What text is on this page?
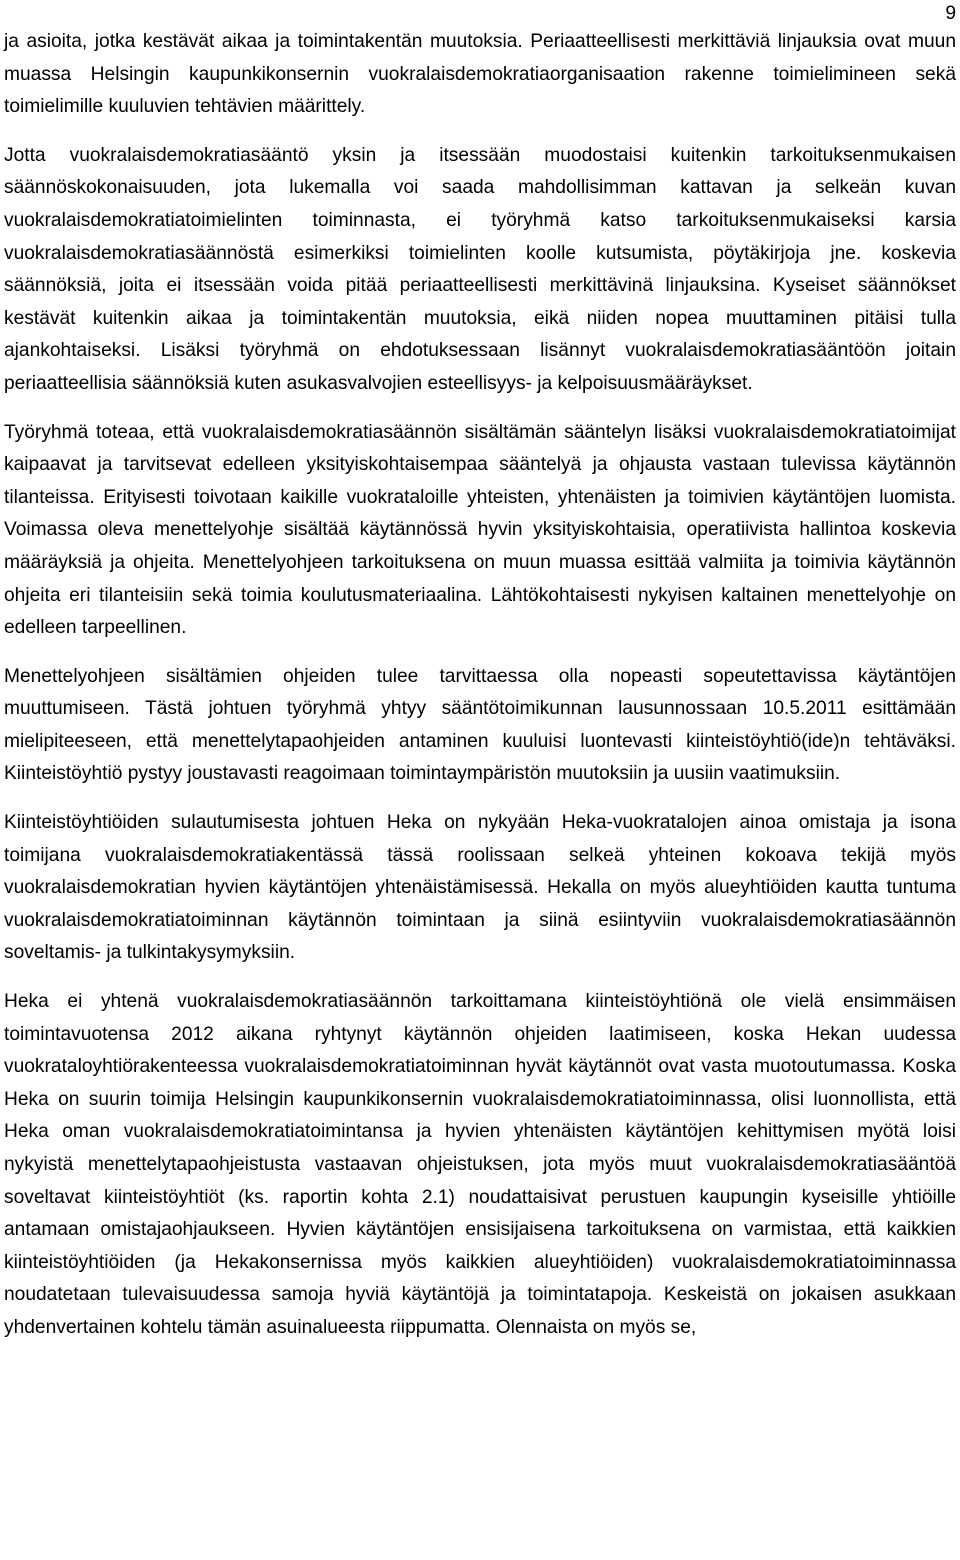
9

ja asioita, jotka kestävät aikaa ja toimintakentän muutoksia. Periaatteellisesti merkittäviä linjauksia ovat muun muassa Helsingin kaupunkikonsernin vuokralaisdemokratiaorganisaation rakenne toimielimineen sekä toimielimille kuuluvien tehtävien määrittely.

Jotta vuokralaisdemokratiasääntö yksin ja itsessään muodostaisi kuitenkin tarkoituksenmukaisen säännöskokonaisuuden, jota lukemalla voi saada mahdollisimman kattavan ja selkeän kuvan vuokralaisdemokratiatoimielinten toiminnasta, ei työryhmä katso tarkoituksenmukaiseksi karsia vuokralaisdemokratiasäännöstä esimerkiksi toimielinten koolle kutsumista, pöytäkirjoja jne. koskevia säännöksiä, joita ei itsessään voida pitää periaatteellisesti merkittävinä linjauksina. Kyseiset säännökset kestävät kuitenkin aikaa ja toimintakentän muutoksia, eikä niiden nopea muuttaminen pitäisi tulla ajankohtaiseksi. Lisäksi työryhmä on ehdotuksessaan lisännyt vuokralaisdemokratiasääntöön joitain periaatteellisia säännöksiä kuten asukasvalvojien esteellisyys- ja kelpoisuusmääräykset.

Työryhmä toteaa, että vuokralaisdemokratiasäännön sisältämän sääntelyn lisäksi vuokralaisdemokratiatoimijat kaipaavat ja tarvitsevat edelleen yksityiskohtaisempaa sääntelyä ja ohjausta vastaan tulevissa käytännön tilanteissa. Erityisesti toivotaan kaikille vuokrataloille yhteisten, yhtenäisten ja toimivien käytäntöjen luomista. Voimassa oleva menettelyohje sisältää käytännössä hyvin yksityiskohtaisia, operatiivista hallintoa koskevia määräyksiä ja ohjeita. Menettelyohjeen tarkoituksena on muun muassa esittää valmiita ja toimivia käytännön ohjeita eri tilanteisiin sekä toimia koulutusmateriaalina. Lähtökohtaisesti nykyisen kaltainen menettelyohje on edelleen tarpeellinen.

Menettelyohjeen sisältämien ohjeiden tulee tarvittaessa olla nopeasti sopeutettavissa käytäntöjen muuttumiseen. Tästä johtuen työryhmä yhtyy sääntötoimikunnan lausunnossaan 10.5.2011 esittämään mielipiteeseen, että menettelytapaohjeiden antaminen kuuluisi luontevasti kiinteistöyhtiö(ide)n tehtäväksi. Kiinteistöyhtiö pystyy joustavasti reagoimaan toimintaympäristön muutoksiin ja uusiin vaatimuksiin.

Kiinteistöyhtiöiden sulautumisesta johtuen Heka on nykyään Heka-vuokratalojen ainoa omistaja ja isona toimijana vuokralaisdemokratiakentässä tässä roolissaan selkeä yhteinen kokoava tekijä myös vuokralaisdemokratian hyvien käytäntöjen yhtenäistämisessä. Hekalla on myös alueyhtiöiden kautta tuntuma vuokralaisdemokratiatoiminnan käytännön toimintaan ja siinä esiintyviin vuokralaisdemokratiasäännön soveltamis- ja tulkintakysymyksiin.

Heka ei yhtenä vuokralaisdemokratiasäännön tarkoittamana kiinteistöyhtiönä ole vielä ensimmäisen toimintavuotensa 2012 aikana ryhtynyt käytännön ohjeiden laatimiseen, koska Hekan uudessa vuokrataloyhtiörakenteessa vuokralaisdemokratiatoiminnan hyvät käytännöt ovat vasta muotoutumassa. Koska Heka on suurin toimija Helsingin kaupunkikonsernin vuokralaisdemokratiatoiminnassa, olisi luonnollista, että Heka oman vuokralaisdemokratiatoimintansa ja hyvien yhtenäisten käytäntöjen kehittymisen myötä loisi nykyistä menettelytapaohjeistusta vastaavan ohjeistuksen, jota myös muut vuokralaisdemokratiasääntöä soveltavat kiinteistöyhtiöt (ks. raportin kohta 2.1) noudattaisivat perustuen kaupungin kyseisille yhtiöille antamaan omistajaohjaukseen. Hyvien käytäntöjen ensisijaisena tarkoituksena on varmistaa, että kaikkien kiinteistöyhtiöiden (ja Hekakonsernissa myös kaikkien alueyhtiöiden) vuokralaisdemokratiatoiminnassa noudatetaan tulevaisuudessa samoja hyviä käytäntöjä ja toimintatapoja. Keskeistä on jokaisen asukkaan yhdenvertainen kohtelu tämän asuinalueesta riippumatta. Olennaista on myös se,
